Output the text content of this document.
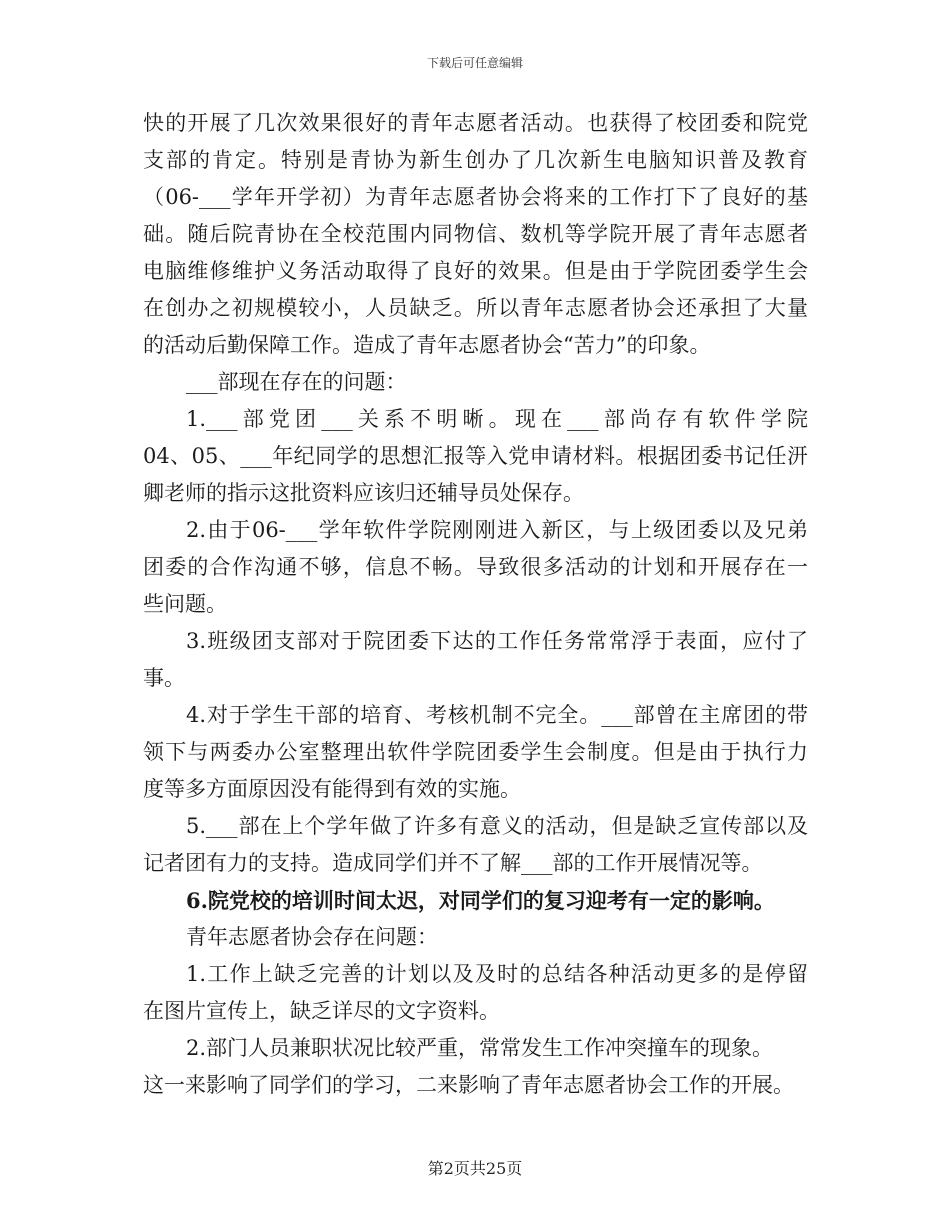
下载后可任意编辑
快的开展了几次效果很好的青年志愿者活动。也获得了校团委和院党
支部的肯定。特别是青协为新生创办了几次新生电脑知识普及教育
（06-___学年开学初）为青年志愿者协会将来的工作打下了良好的基
础。随后院青协在全校范围内同物信、数机等学院开展了青年志愿者
电脑维修维护义务活动取得了良好的效果。但是由于学院团委学生会
在创办之初规模较小，人员缺乏。所以青年志愿者协会还承担了大量
的活动后勤保障工作。造成了青年志愿者协会“苦力”的印象。
___部现在存在的问题：
1.___部党团___关系不明晰。现在___部尚存有软件学院
04、05、___年纪同学的思想汇报等入党申请材料。根据团委书记任汧
卿老师的指示这批资料应该归还辅导员处保存。
2.由于06-___学年软件学院刚刚进入新区，与上级团委以及兄弟
团委的合作沟通不够，信息不畅。导致很多活动的计划和开展存在一
些问题。
3.班级团支部对于院团委下达的工作任务常常浮于表面，应付了
事。
4.对于学生干部的培育、考核机制不完全。___部曾在主席团的带
领下与两委办公室整理出软件学院团委学生会制度。但是由于执行力
度等多方面原因没有能得到有效的实施。
5.___部在上个学年做了许多有意义的活动，但是缺乏宣传部以及
记者团有力的支持。造成同学们并不了解___部的工作开展情况等。
6.院党校的培训时间太迟，对同学们的复习迎考有一定的影响。
青年志愿者协会存在问题：
1.工作上缺乏完善的计划以及及时的总结各种活动更多的是停留
在图片宣传上，缺乏详尽的文字资料。
2.部门人员兼职状况比较严重，常常发生工作冲突撞车的现象。
这一来影响了同学们的学习，二来影响了青年志愿者协会工作的开展。
第2页共25页
